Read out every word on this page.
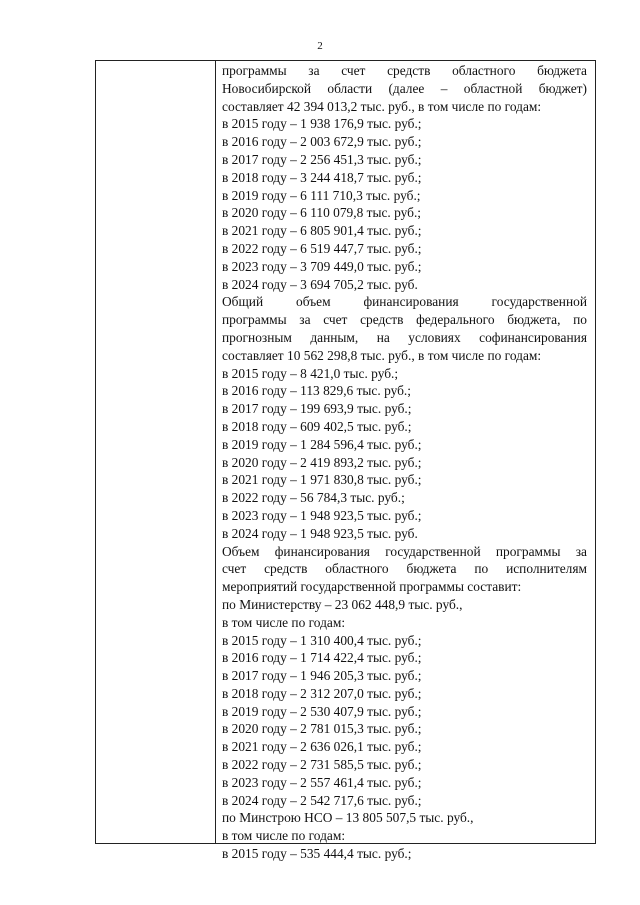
2
программы за счет средств областного бюджета
Новосибирской области (далее – областной бюджет)
составляет 42 394 013,2 тыс. руб., в том числе по годам:
в 2015 году – 1 938 176,9 тыс. руб.;
в 2016 году – 2 003 672,9 тыс. руб.;
в 2017 году – 2 256 451,3 тыс. руб.;
в 2018 году – 3 244 418,7 тыс. руб.;
в 2019 году – 6 111 710,3 тыс. руб.;
в 2020 году – 6 110 079,8 тыс. руб.;
в 2021 году – 6 805 901,4 тыс. руб.;
в 2022 году – 6 519 447,7 тыс. руб.;
в 2023 году – 3 709 449,0 тыс. руб.;
в 2024 году – 3 694 705,2 тыс. руб.
Общий объем финансирования государственной
программы за счет средств федерального бюджета, по
прогнозным данным, на условиях софинансирования
составляет 10 562 298,8 тыс. руб., в том числе по годам:
в 2015 году – 8 421,0 тыс. руб.;
в 2016 году – 113 829,6 тыс. руб.;
в 2017 году – 199 693,9 тыс. руб.;
в 2018 году – 609 402,5 тыс. руб.;
в 2019 году – 1 284 596,4 тыс. руб.;
в 2020 году – 2 419 893,2 тыс. руб.;
в 2021 году – 1 971 830,8 тыс. руб.;
в 2022 году – 56 784,3 тыс. руб.;
в 2023 году – 1 948 923,5 тыс. руб.;
в 2024 году – 1 948 923,5 тыс. руб.
Объем финансирования государственной программы за
счет средств областного бюджета по исполнителям
мероприятий государственной программы составит:
по Министерству – 23 062 448,9 тыс. руб.,
в том числе по годам:
в 2015 году – 1 310 400,4 тыс. руб.;
в 2016 году – 1 714 422,4 тыс. руб.;
в 2017 году – 1 946 205,3 тыс. руб.;
в 2018 году – 2 312 207,0 тыс. руб.;
в 2019 году – 2 530 407,9 тыс. руб.;
в 2020 году – 2 781 015,3 тыс. руб.;
в 2021 году – 2 636 026,1 тыс. руб.;
в 2022 году – 2 731 585,5 тыс. руб.;
в 2023 году – 2 557 461,4 тыс. руб.;
в 2024 году – 2 542 717,6 тыс. руб.;
по Минстрою НСО – 13 805 507,5 тыс. руб.,
в том числе по годам:
в 2015 году – 535 444,4 тыс. руб.;
